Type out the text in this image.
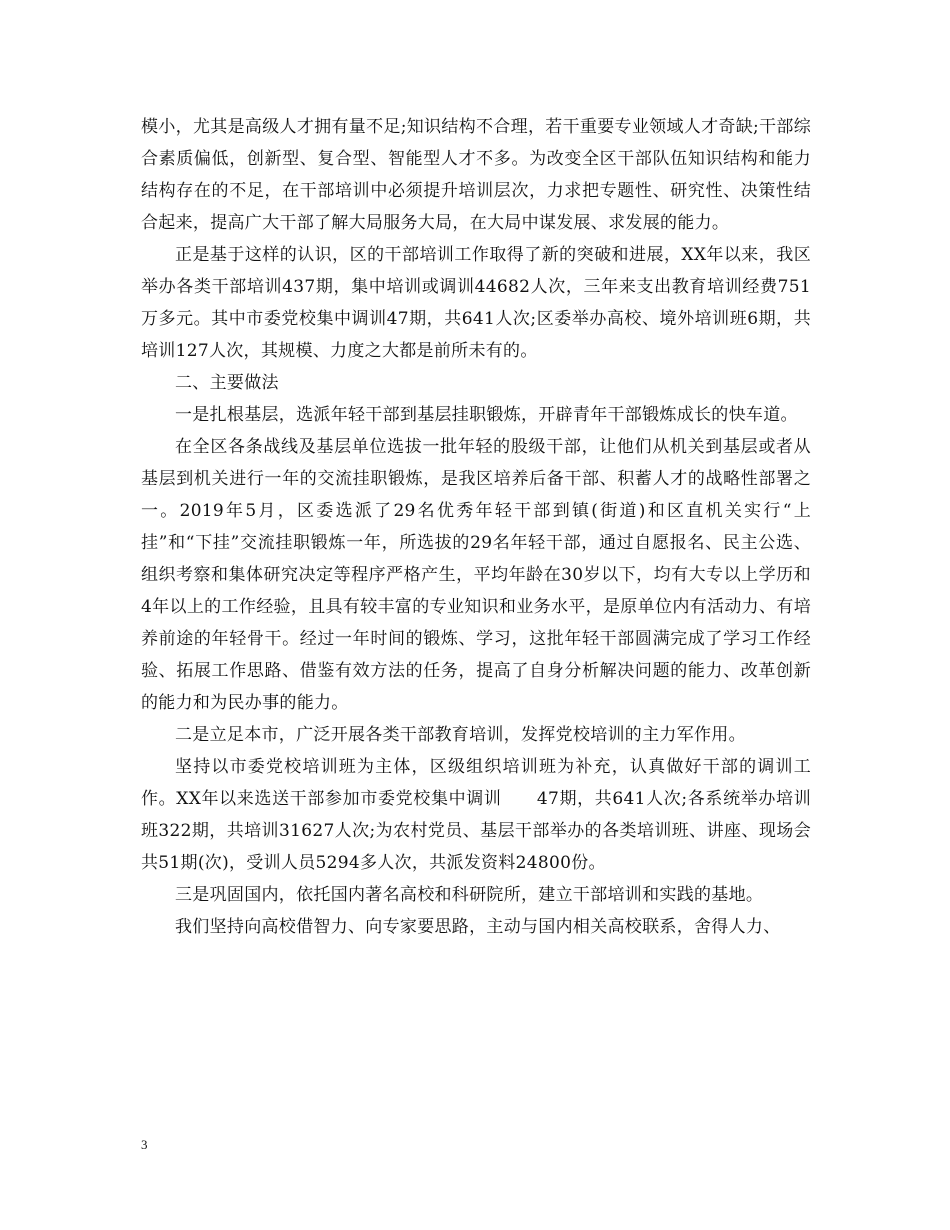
模小，尤其是高级人才拥有量不足;知识结构不合理，若干重要专业领域人才奇缺;干部综合素质偏低，创新型、复合型、智能型人才不多。为改变全区干部队伍知识结构和能力结构存在的不足，在干部培训中必须提升培训层次，力求把专题性、研究性、决策性结合起来，提高广大干部了解大局服务大局，在大局中谋发展、求发展的能力。

正是基于这样的认识，区的干部培训工作取得了新的突破和进展，XX年以来，我区举办各类干部培训437期，集中培训或调训44682人次，三年来支出教育培训经费751万多元。其中市委党校集中调训47期，共641人次;区委举办高校、境外培训班6期，共培训127人次，其规模、力度之大都是前所未有的。

二、主要做法

一是扎根基层，选派年轻干部到基层挂职锻炼，开辟青年干部锻炼成长的快车道。

在全区各条战线及基层单位选拔一批年轻的股级干部，让他们从机关到基层或者从基层到机关进行一年的交流挂职锻炼，是我区培养后备干部、积蓄人才的战略性部署之一。2019年5月，区委选派了29名优秀年轻干部到镇(街道)和区直机关实行“上挂”和“下挂”交流挂职锻炼一年，所选拔的29名年轻干部，通过自愿报名、民主公选、组织考察和集体研究决定等程序严格产生，平均年龄在30岁以下，均有大专以上学历和4年以上的工作经验，且具有较丰富的专业知识和业务水平，是原单位内有活动力、有培养前途的年轻骨干。经过一年时间的锻炼、学习，这批年轻干部圆满完成了学习工作经验、拓展工作思路、借鉴有效方法的任务，提高了自身分析解决问题的能力、改革创新的能力和为民办事的能力。

二是立足本市，广泛开展各类干部教育培训，发挥党校培训的主力军作用。

坚持以市委党校培训班为主体，区级组织培训班为补充，认真做好干部的调训工作。XX年以来选送干部参加市委党校集中调训　　47期，共641人次;各系统举办培训班322期，共培训31627人次;为农村党员、基层干部举办的各类培训班、讲座、现场会共51期(次)，受训人员5294多人次，共派发资料24800份。

三是巩固国内，依托国内著名高校和科研院所，建立干部培训和实践的基地。

我们坚持向高校借智力、向专家要思路，主动与国内相关高校联系，舍得人力、

3
